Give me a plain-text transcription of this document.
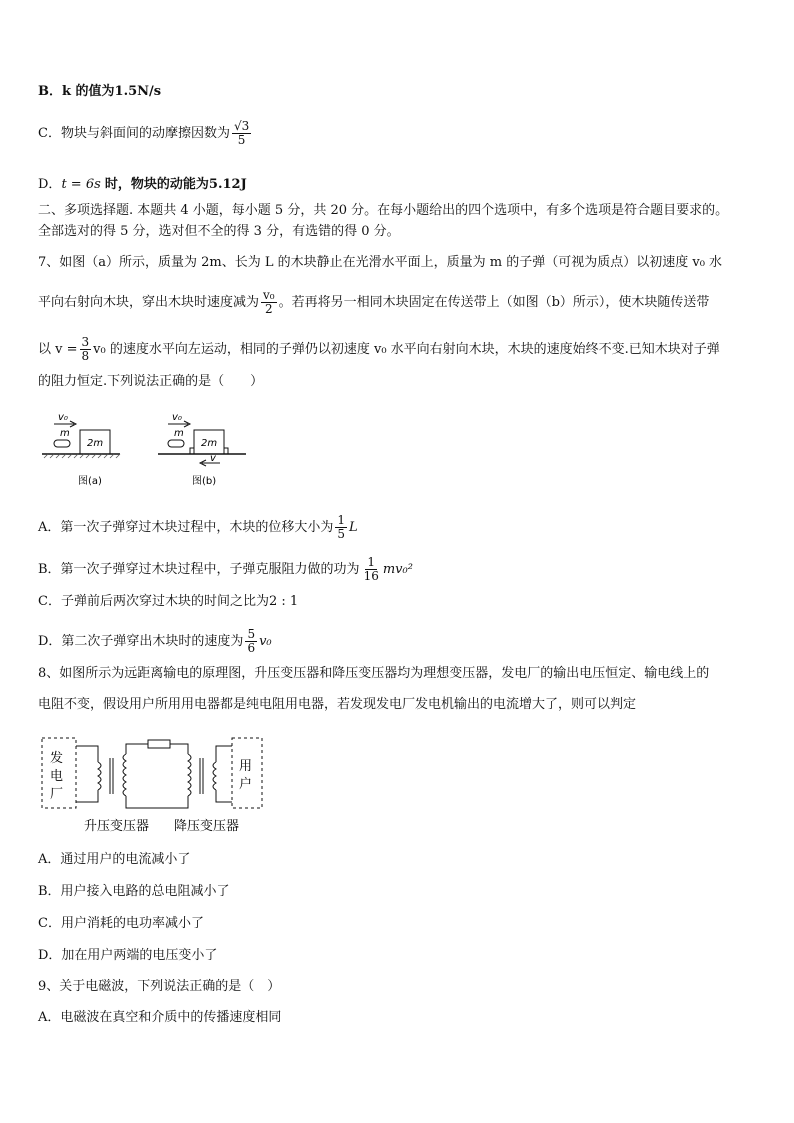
B．k 的值为1.5N/s
C．物块与斜面间的动摩擦因数为 $\frac{√3}{5}$
D．t = 6s 时，物块的动能为5.12J
二、多项选择题. 本题共 4 小题，每小题 5 分，共 20 分。在每小题给出的四个选项中，有多个选项是符合题目要求的。
全部选对的得 5 分，选对但不全的得 3 分，有选错的得 0 分。
7、如图（a）所示，质量为 2m、长为 L 的木块静止在光滑水平面上，质量为 m 的子弹（可视为质点）以初速度 v₀ 水
平向右射向木块，穿出木块时速度减为 $\frac{\text{v₀}}{2}$ 。若再将另一相同木块固定在传送带上（如图（b）所示），使木块随传送带
以 $v = \frac{3}{8} v_0$ 的速度水平向左运动，相同的子弹仍以初速度 v₀ 水平向右射向木块，木块的速度始终不变.已知木块对子弹
的阻力恒定.下列说法正确的是（　　）
v₀
m
2m
图(a)
v₀
m
2m
v
图(b)
A．第一次子弹穿过木块过程中，木块的位移大小为 $\frac{1}{5}$ L
B．第一次子弹穿过木块过程中，子弹克服阻力做的功为 $\frac{1}{16} mv_0^2$
C．子弹前后两次穿过木块的时间之比为2 : 1
D．第二次子弹穿出木块时的速度为 $\frac{5}{6} v_0$
8、如图所示为远距离输电的原理图，升压变压器和降压变压器均为理想变压器，发电厂的输出电压恒定、输电线上的
电阻不变，假设用户所用用电器都是纯电阻用电器，若发现发电厂发电机输出的电流增大了，则可以判定
发
电
厂
用
户
升压变压器 降压变压器
A．通过用户的电流减小了
B．用户接入电路的总电阻减小了
C．用户消耗的电功率减小了
D．加在用户两端的电压变小了
9、关于电磁波，下列说法正确的是（　）
A．电磁波在真空和介质中的传播速度相同
